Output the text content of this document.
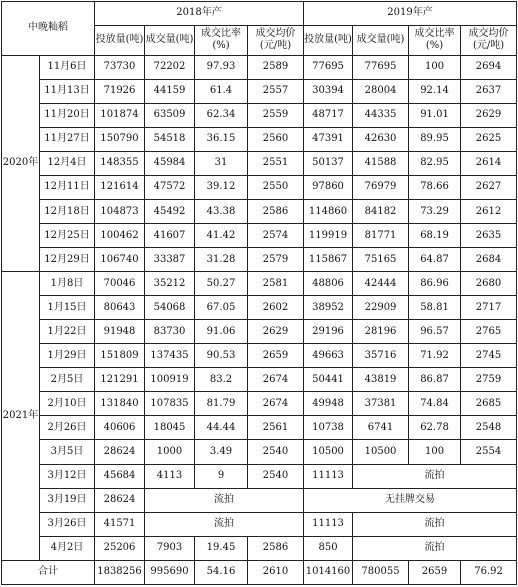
中晚籼稻		2018年产				2019年产			
		投放量(吨)	成交量(吨)	成交比率(%)	成交均价(元/吨)	投放量(吨)	成交量(吨)	成交比率(%)	成交均价(元/吨)
2020年	11月6日	73730	72202	97.93	2589	77695	77695	100	2694
	11月13日	71926	44159	61.4	2557	30394	28004	92.14	2637
	11月20日	101874	63509	62.34	2559	48717	44335	91.01	2629
	11月27日	150790	54518	36.15	2560	47391	42630	89.95	2625
	12月4日	148355	45984	31	2551	50137	41588	82.95	2614
	12月11日	121614	47572	39.12	2550	97860	76979	78.66	2627
	12月18日	104873	45492	43.38	2586	114860	84182	73.29	2612
	12月25日	100462	41607	41.42	2574	119919	81771	68.19	2635
	12月29日	106740	33387	31.28	2579	115867	75165	64.87	2684
2021年	1月8日	70046	35212	50.27	2581	48806	42444	86.96	2680
	1月15日	80643	54068	67.05	2602	38952	22909	58.81	2717
	1月22日	91948	83730	91.06	2629	29196	28196	96.57	2765
	1月29日	151809	137435	90.53	2659	49663	35716	71.92	2745
	2月5日	121291	100919	83.2	2674	50441	43819	86.87	2759
	2月10日	131840	107835	81.79	2674	49948	37381	74.84	2685
	2月26日	40606	18045	44.44	2561	10738	6741	62.78	2548
	3月5日	28624	1000	3.49	2540	10500	10500	100	2554
	3月12日	45684	4113	9	2540	11113	流拍		
	3月19日	28624	流拍			无挂牌交易			
	3月26日	41571	流拍			11113	流拍		
	4月2日	25206	7903	19.45	2586	850	流拍		
合计		1838256	995690	54.16	2610	1014160	780055	2659	76.92
